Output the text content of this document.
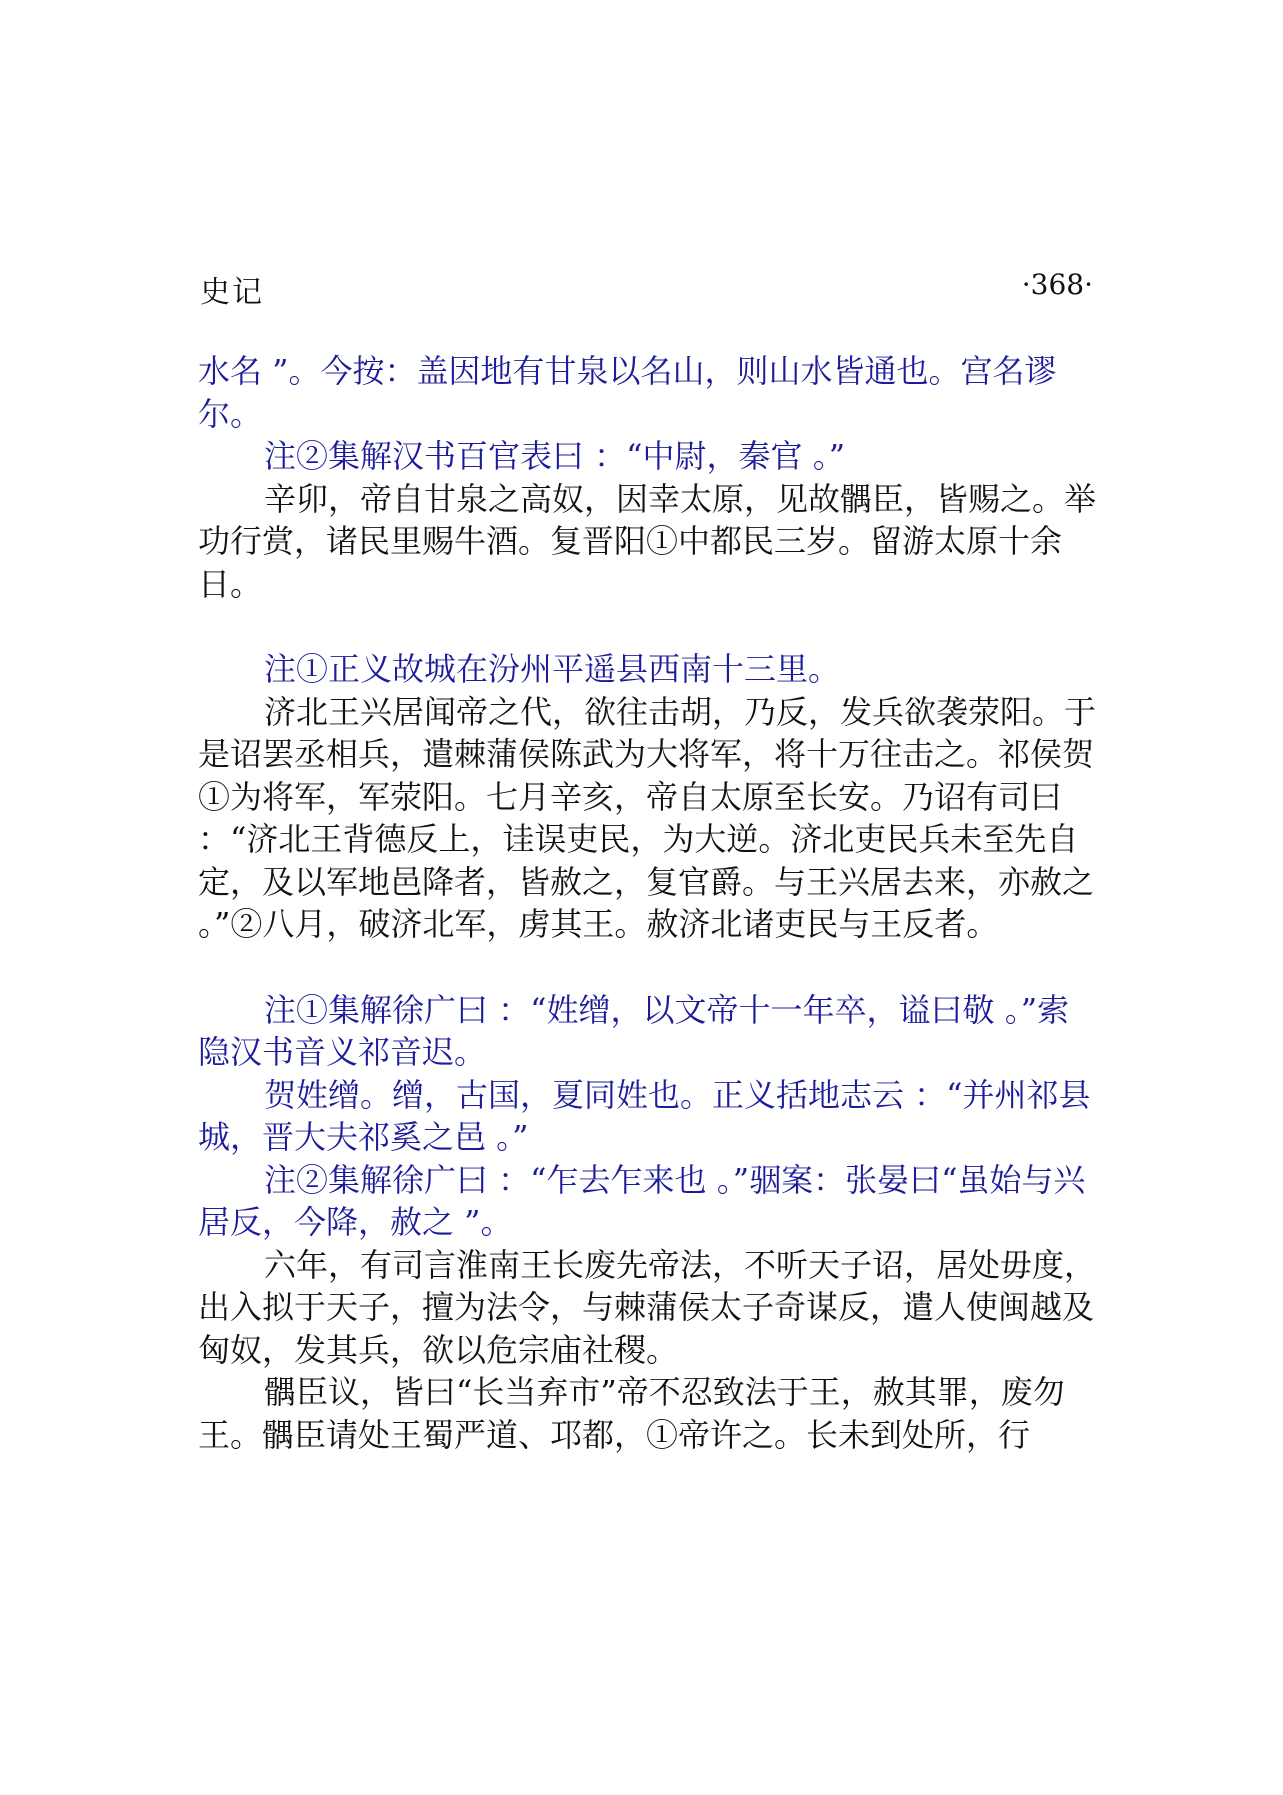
史记	·368·

水名 ”。今按：盖因地有甘泉以名山，则山水皆通也。宫名谬尔。

注②集解汉书百官表曰 ：“中尉，秦官 。”

辛卯，帝自甘泉之高奴，因幸太原，见故髃臣，皆赐之。举功行赏，诸民里赐牛酒。复晋阳①中都民三岁。留游太原十余日。

注①正义故城在汾州平遥县西南十三里。

济北王兴居闻帝之代，欲往击胡，乃反，发兵欲袭荥阳。于是诏罢丞相兵，遣棘蒲侯陈武为大将军，将十万往击之。祁侯贺①为将军，军荥阳。七月辛亥，帝自太原至长安。乃诏有司曰 ：“济北王背德反上，诖误吏民，为大逆。济北吏民兵未至先自定，及以军地邑降者，皆赦之，复官爵。与王兴居去来，亦赦之 。”②八月，破济北军，虏其王。赦济北诸吏民与王反者。

注①集解徐广曰 ：“姓缯，以文帝十一年卒，谥曰敬 。”索隐汉书音义祁音迟。

贺姓缯。缯，古国，夏同姓也。正义括地志云 ：“并州祁县城，晋大夫祁奚之邑 。”

注②集解徐广曰 ：“乍去乍来也 。”骃案：张晏曰“虽始与兴居反，今降，赦之 ”。

六年，有司言淮南王长废先帝法，不听天子诏，居处毋度，出入拟于天子，擅为法令，与棘蒲侯太子奇谋反，遣人使闽越及匈奴，发其兵，欲以危宗庙社稷。

髃臣议，皆曰“长当弃市”帝不忍致法于王，赦其罪，废勿王。髃臣请处王蜀严道、邛都，①帝许之。长未到处所，行
